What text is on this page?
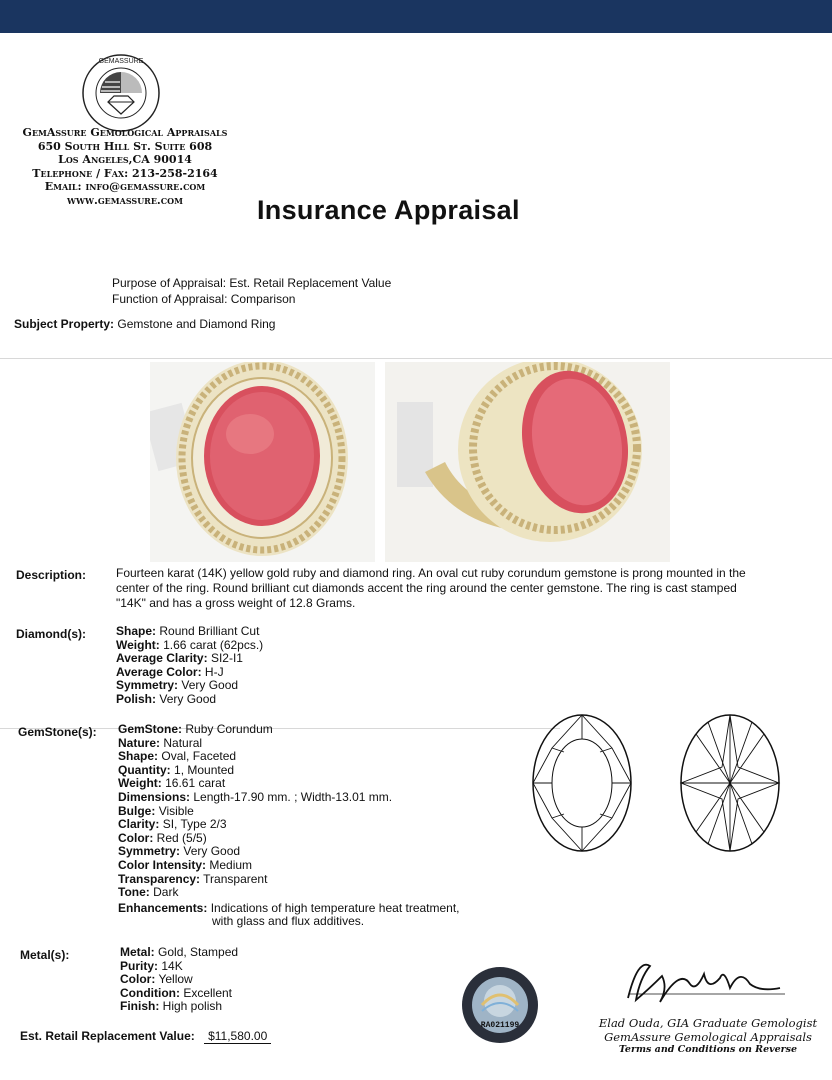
GEMASSURE
GemAssure Gemological Appraisals
650 South Hill St. Suite 608
Los Angeles,CA 90014
Telephone / Fax: 213-258-2164
Email: info@gemassure.com
www.gemassure.com	Insurance Appraisal
Purpose of Appraisal: Est. Retail Replacement Value
Function of Appraisal: Comparison
Subject Property: Gemstone and Diamond Ring
Description: Fourteen karat (14K) yellow gold ruby and diamond ring. An oval cut ruby corundum gemstone is prong mounted in the center of the ring. Round brilliant cut diamonds accent the ring around the center gemstone. The ring is cast stamped "14K" and has a gross weight of 12.8 Grams.
Diamond(s):	Shape: Round Brilliant Cut
Weight: 1.66 carat (62pcs.)
Average Clarity: SI2-I1
Average Color: H-J
Symmetry: Very Good
Polish: Very Good
GemStone(s): GemStone: Ruby Corundum
Nature: Natural
Shape: Oval, Faceted
Quantity: 1, Mounted
Weight: 16.61 carat
Dimensions: Length-17.90 mm. ; Width-13.01 mm.
Bulge: Visible
Clarity: SI, Type 2/3
Color: Red (5/5)
Symmetry: Very Good
Color Intensity: Medium
Transparency: Transparent
Tone: Dark
Enhancements: Indications of high temperature heat treatment,
with glass and flux additives.
Metal(s):	Metal: Gold, Stamped
Purity: 14K
Color: Yellow
Condition: Excellent
Finish: High polish
RA021199	Elad Ouda, GIA Graduate Gemologist
GemAssure Gemological Appraisals
Terms and Conditions on Reverse
Est. Retail Replacement Value: $11,580.00
